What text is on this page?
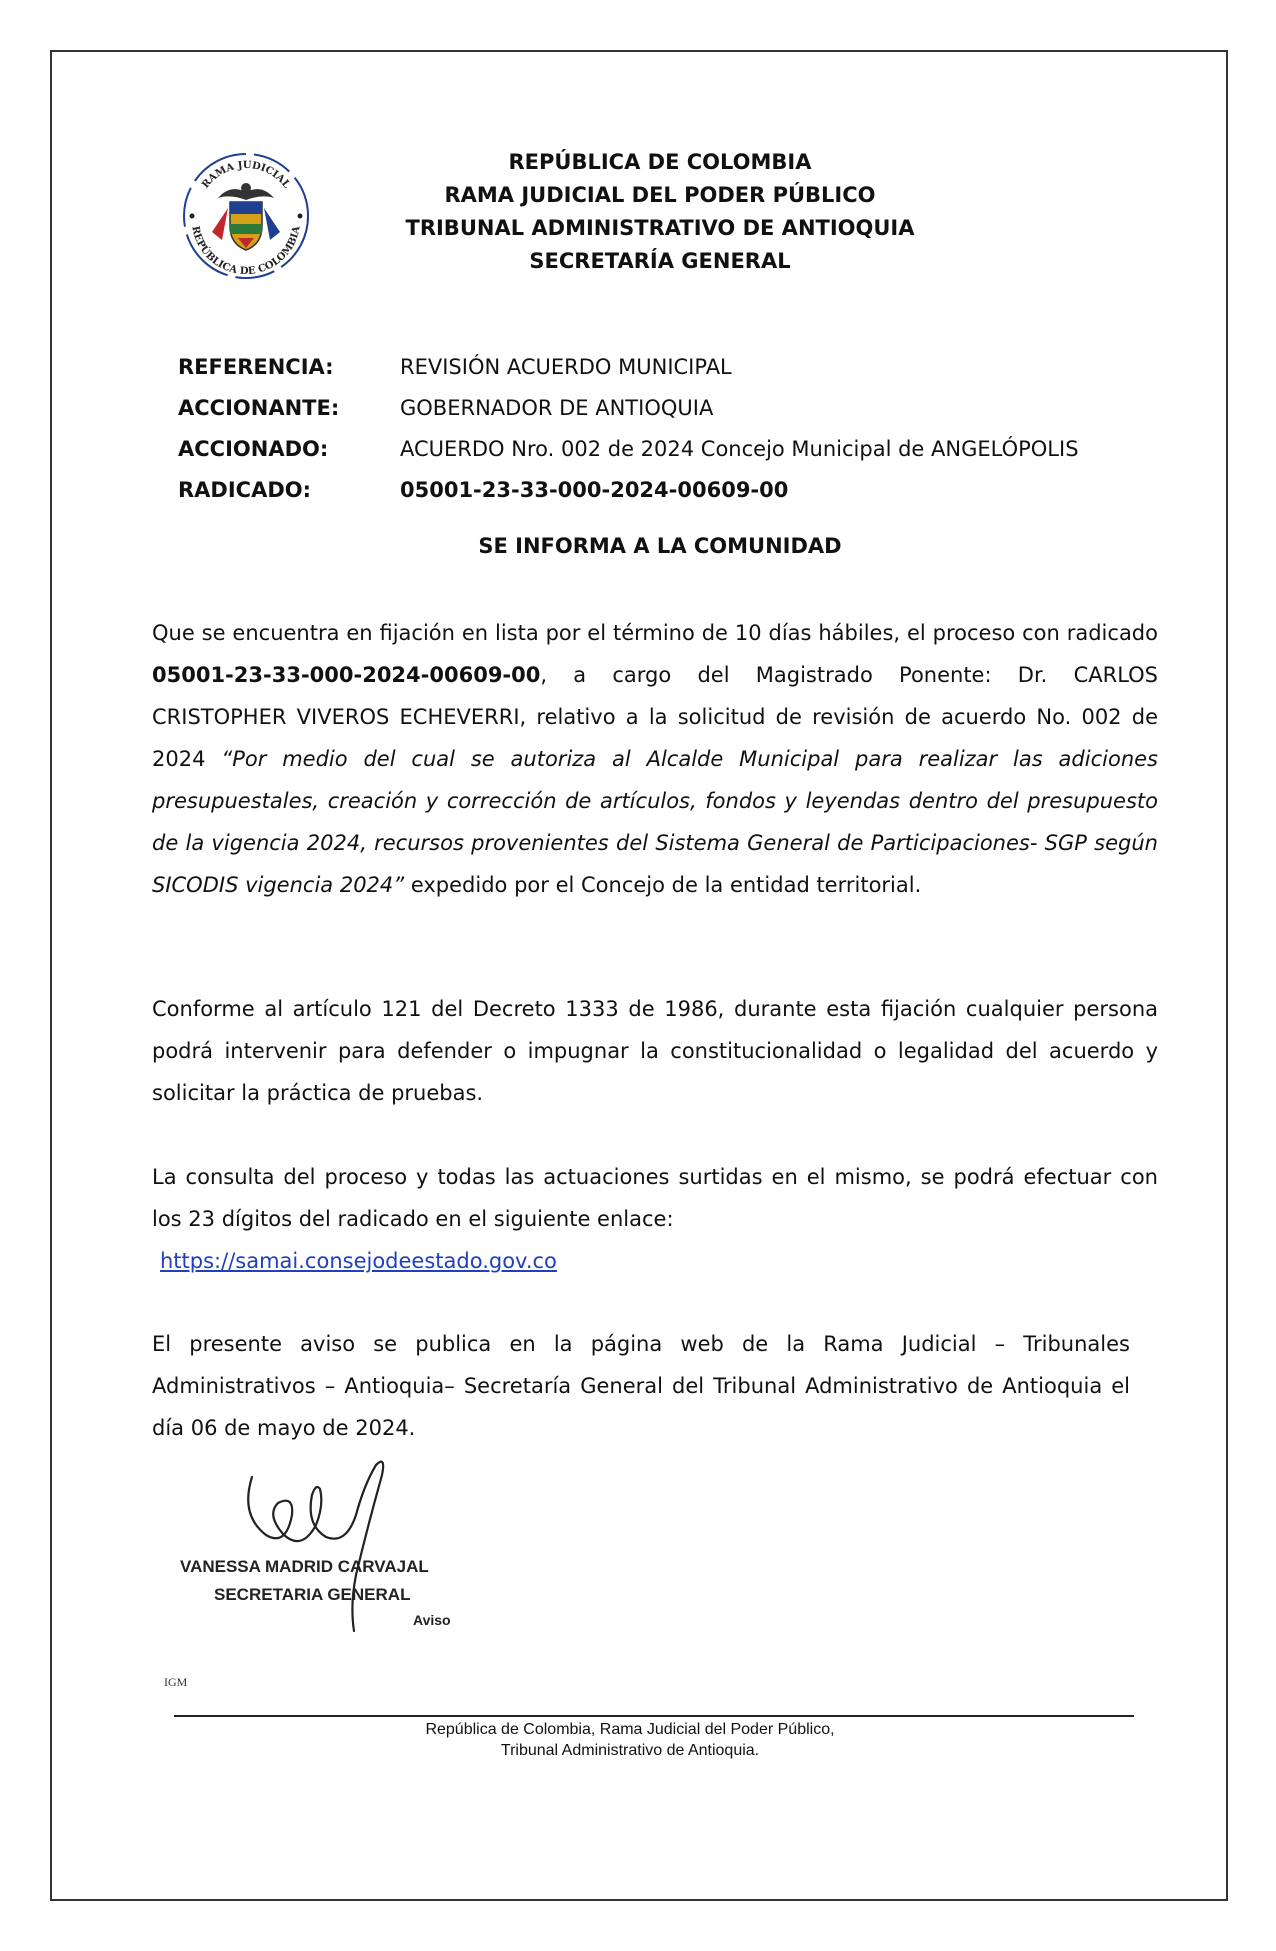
RAMA JUDICIAL
REPÚBLICA DE COLOMBIA
REPÚBLICA DE COLOMBIA
RAMA JUDICIAL DEL PODER PÚBLICO
TRIBUNAL ADMINISTRATIVO DE ANTIOQUIA
SECRETARÍA GENERAL
REFERENCIA:	REVISIÓN ACUERDO MUNICIPAL
ACCIONANTE:	GOBERNADOR DE ANTIOQUIA
ACCIONADO:	ACUERDO Nro. 002 de 2024 Concejo Municipal de ANGELÓPOLIS
RADICADO:	05001-23-33-000-2024-00609-00
SE INFORMA A LA COMUNIDAD
Que se encuentra en fijación en lista por el término de 10 días hábiles, el proceso con radicado 05001-23-33-000-2024-00609-00, a cargo del Magistrado Ponente: Dr. CARLOS CRISTOPHER VIVEROS ECHEVERRI, relativo a la solicitud de revisión de acuerdo No. 002 de 2024 “Por medio del cual se autoriza al Alcalde Municipal para realizar las adiciones presupuestales, creación y corrección de artículos, fondos y leyendas dentro del presupuesto de la vigencia 2024, recursos provenientes del Sistema General de Participaciones- SGP según SICODIS vigencia 2024” expedido por el Concejo de la entidad territorial.
Conforme al artículo 121 del Decreto 1333 de 1986, durante esta fijación cualquier persona podrá intervenir para defender o impugnar la constitucionalidad o legalidad del acuerdo y solicitar la práctica de pruebas.
La consulta del proceso y todas las actuaciones surtidas en el mismo, se podrá efectuar con los 23 dígitos del radicado en el siguiente enlace:
https://samai.consejodeestado.gov.co
El presente aviso se publica en la página web de la Rama Judicial – Tribunales Administrativos – Antioquia– Secretaría General del Tribunal Administrativo de Antioquia el día 06 de mayo de 2024.
VANESSA MADRID CARVAJAL
SECRETARIA GENERAL
Aviso
IGM
República de Colombia, Rama Judicial del Poder Público,
Tribunal Administrativo de Antioquia.
